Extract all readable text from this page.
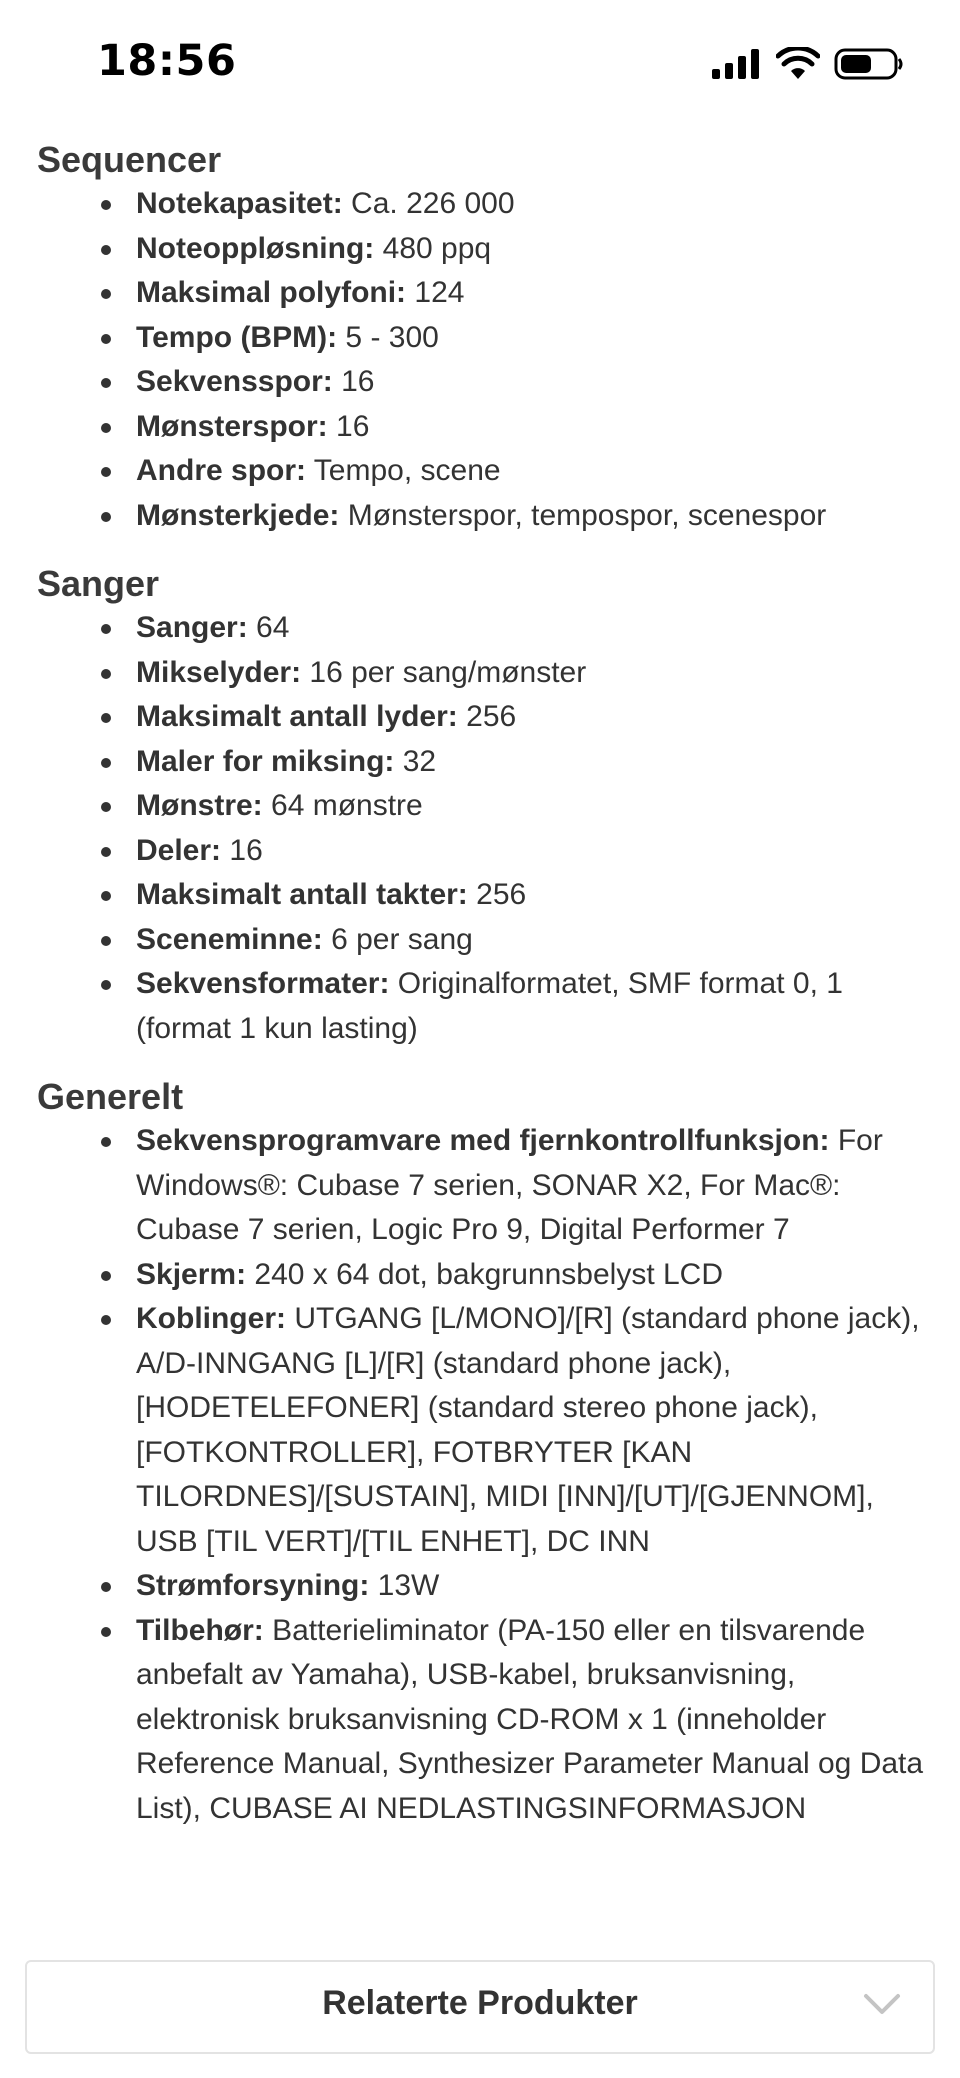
18:56
Sequencer
Notekapasitet: Ca. 226 000
Noteoppløsning: 480 ppq
Maksimal polyfoni: 124
Tempo (BPM): 5 - 300
Sekvensspor: 16
Mønsterspor: 16
Andre spor: Tempo, scene
Mønsterkjede: Mønsterspor, tempospor, scenespor
Sanger
Sanger: 64
Mikselyder: 16 per sang/mønster
Maksimalt antall lyder: 256
Maler for miksing: 32
Mønstre: 64 mønstre
Deler: 16
Maksimalt antall takter: 256
Sceneminne: 6 per sang
Sekvensformater: Originalformatet, SMF format 0, 1 (format 1 kun lasting)
Generelt
Sekvensprogramvare med fjernkontrollfunksjon: For Windows®: Cubase 7 serien, SONAR X2, For Mac®: Cubase 7 serien, Logic Pro 9, Digital Performer 7
Skjerm: 240 x 64 dot, bakgrunnsbelyst LCD
Koblinger: UTGANG [L/MONO]/[R] (standard phone jack), A/D-INNGANG [L]/[R] (standard phone jack), [HODETELEFONER] (standard stereo phone jack), [FOTKONTROLLER], FOTBRYTER [KAN TILORDNES]/[SUSTAIN], MIDI [INN]/[UT]/[GJENNOM], USB [TIL VERT]/[TIL ENHET], DC INN
Strømforsyning: 13W
Tilbehør: Batterieliminator (PA-150 eller en tilsvarende anbefalt av Yamaha), USB-kabel, bruksanvisning, elektronisk bruksanvisning CD-ROM x 1 (inneholder Reference Manual, Synthesizer Parameter Manual og Data List), CUBASE AI NEDLASTINGSINFORMASJON
Relaterte Produkter
